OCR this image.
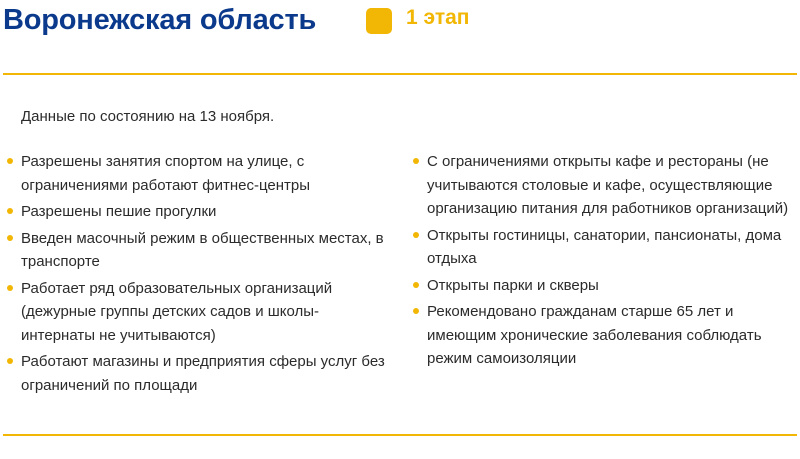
Воронежская область	1 этап
Данные по состоянию на 13 ноября.
Разрешены занятия спортом на улице, с ограничениями работают фитнес-центры
Разрешены пешие прогулки
Введен масочный режим в общественных местах, в транспорте
Работает ряд образовательных организаций (дежурные группы детских садов и школы-интернаты не учитываются)
Работают магазины и предприятия сферы услуг без ограничений по площади
С ограничениями открыты кафе и рестораны (не учитываются столовые и кафе, осуществляющие организацию питания для работников организаций)
Открыты гостиницы, санатории, пансионаты, дома отдыха
Открыты парки и скверы
Рекомендовано гражданам старше 65 лет и имеющим хронические заболевания соблюдать режим самоизоляции
